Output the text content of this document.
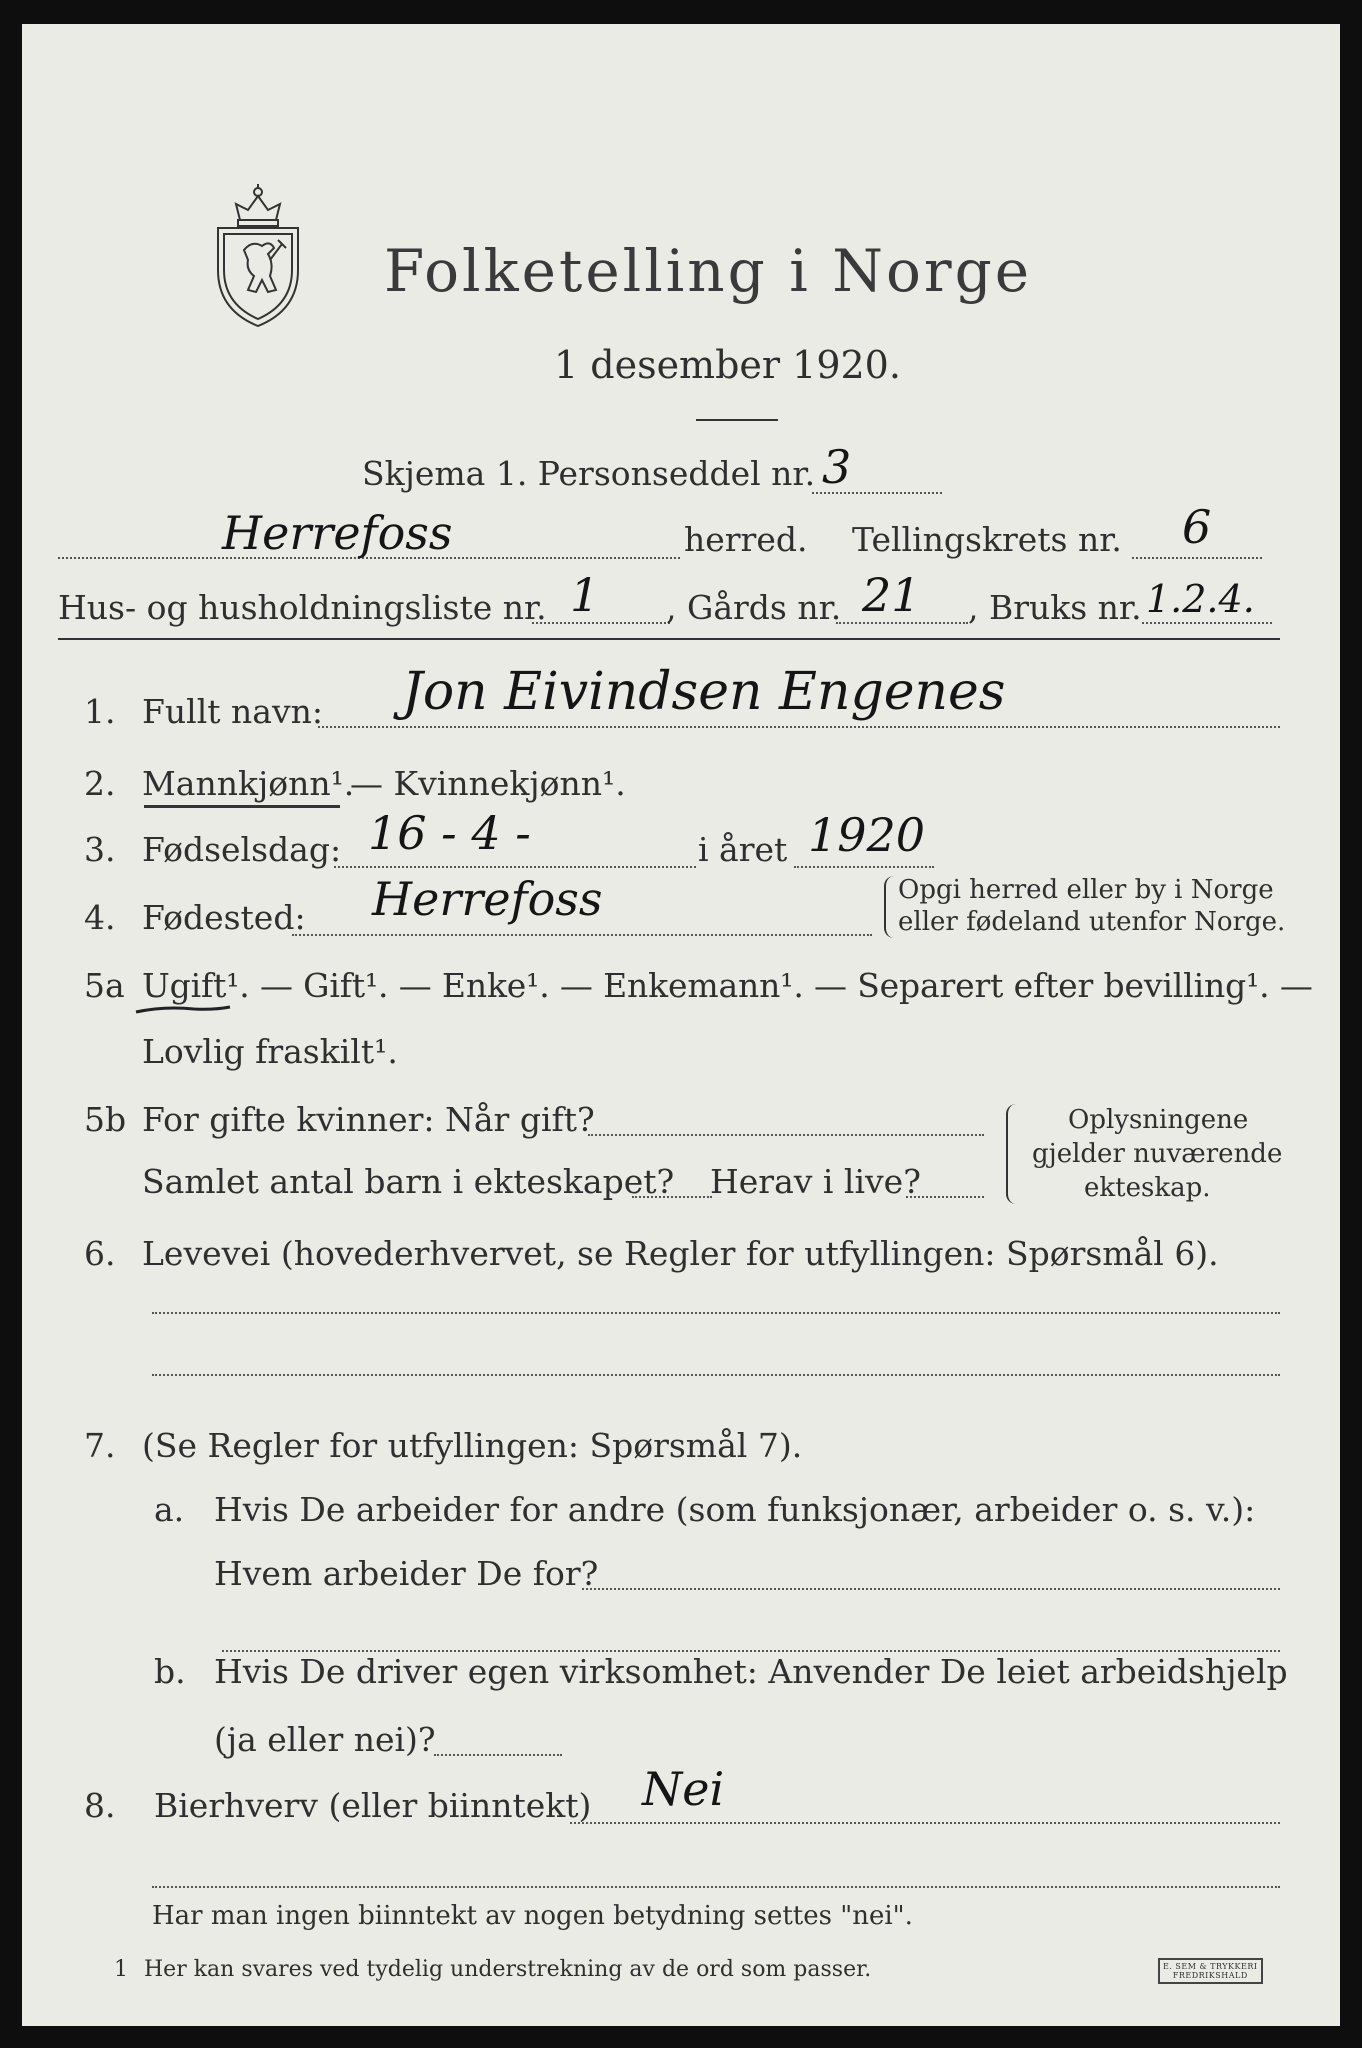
Folketelling i Norge
1 desember 1920.
Skjema 1. Personseddel nr. 3
Herrefoss	herred. Tellingskrets nr. 6
Hus- og husholdningsliste nr. 1 , Gårds nr. 21 , Bruks nr. 1.2.4.
1. Fullt navn: Jon Eivindsen Engenes
2. Mannkjønn¹.
— Kvinnekjønn¹.
3. Fødselsdag: 16 - 4 -	i året 1920
4. Fødested: Herrefoss	Opgi herred eller by i Norge
eller fødeland utenfor Norge.
5a Ugift¹. — Gift¹. — Enke¹. — Enkemann¹. — Separert efter bevilling¹. —
Lovlig fraskilt¹.
5b For gifte kvinner: Når gift?
Samlet antal barn i ekteskapet? Herav i live?
Oplysningene
gjelder nuværende
ekteskap.
6. Levevei (hovederhvervet, se Regler for utfyllingen: Spørsmål 6).
7. (Se Regler for utfyllingen: Spørsmål 7).
a. Hvis De arbeider for andre (som funksjonær, arbeider o. s. v.):
Hvem arbeider De for?
b. Hvis De driver egen virksomhet: Anvender De leiet arbeidshjelp
(ja eller nei)?
8. Bierhverv (eller biinntekt) Nei
Har man ingen biinntekt av nogen betydning settes "nei".
1 Her kan svares ved tydelig understrekning av de ord som passer.	E. SEM & TRYKKERI
FREDRIKSHALD
